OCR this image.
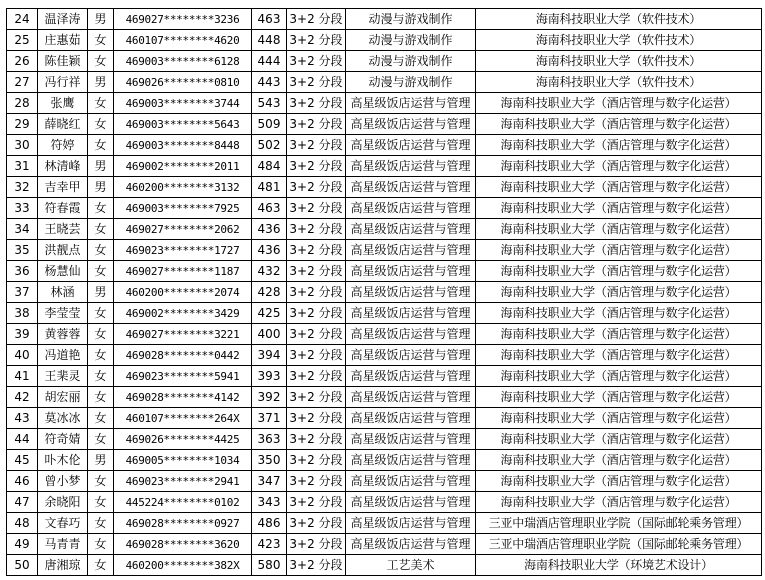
24	温泽涛	男	469027********3236	463	3+2 分段	动漫与游戏制作	海南科技职业大学（软件技术）
25	庄惠茹	女	460107********4620	448	3+2 分段	动漫与游戏制作	海南科技职业大学（软件技术）
26	陈佳颖	女	469003********6128	444	3+2 分段	动漫与游戏制作	海南科技职业大学（软件技术）
27	冯行祥	男	469026********0810	443	3+2 分段	动漫与游戏制作	海南科技职业大学（软件技术）
28	张鹰	女	469003********3744	543	3+2 分段	高星级饭店运营与管理	海南科技职业大学（酒店管理与数字化运营）
29	薛晓红	女	469003********5643	509	3+2 分段	高星级饭店运营与管理	海南科技职业大学（酒店管理与数字化运营）
30	符婷	女	469003********8448	502	3+2 分段	高星级饭店运营与管理	海南科技职业大学（酒店管理与数字化运营）
31	林清峰	男	469002********2011	484	3+2 分段	高星级饭店运营与管理	海南科技职业大学（酒店管理与数字化运营）
32	吉幸甲	男	460200********3132	481	3+2 分段	高星级饭店运营与管理	海南科技职业大学（酒店管理与数字化运营）
33	符春霞	女	469003********7925	463	3+2 分段	高星级饭店运营与管理	海南科技职业大学（酒店管理与数字化运营）
34	王晓芸	女	469027********2062	436	3+2 分段	高星级饭店运营与管理	海南科技职业大学（酒店管理与数字化运营）
35	洪靓点	女	469023********1727	436	3+2 分段	高星级饭店运营与管理	海南科技职业大学（酒店管理与数字化运营）
36	杨慧仙	女	469027********1187	432	3+2 分段	高星级饭店运营与管理	海南科技职业大学（酒店管理与数字化运营）
37	林涵	男	460200********2074	428	3+2 分段	高星级饭店运营与管理	海南科技职业大学（酒店管理与数字化运营）
38	李莹莹	女	469002********3429	425	3+2 分段	高星级饭店运营与管理	海南科技职业大学（酒店管理与数字化运营）
39	黄蓉蓉	女	469027********3221	400	3+2 分段	高星级饭店运营与管理	海南科技职业大学（酒店管理与数字化运营）
40	冯道艳	女	469028********0442	394	3+2 分段	高星级饭店运营与管理	海南科技职业大学（酒店管理与数字化运营）
41	王棐灵	女	469023********5941	393	3+2 分段	高星级饭店运营与管理	海南科技职业大学（酒店管理与数字化运营）
42	胡宏丽	女	469028********4142	392	3+2 分段	高星级饭店运营与管理	海南科技职业大学（酒店管理与数字化运营）
43	莫冰冰	女	460107********264X	371	3+2 分段	高星级饭店运营与管理	海南科技职业大学（酒店管理与数字化运营）
44	符奇婧	女	469026********4425	363	3+2 分段	高星级饭店运营与管理	海南科技职业大学（酒店管理与数字化运营）
45	卟木伦	男	469005********1034	350	3+2 分段	高星级饭店运营与管理	海南科技职业大学（酒店管理与数字化运营）
46	曾小梦	女	469023********2941	347	3+2 分段	高星级饭店运营与管理	海南科技职业大学（酒店管理与数字化运营）
47	余晓阳	女	445224********0102	343	3+2 分段	高星级饭店运营与管理	海南科技职业大学（酒店管理与数字化运营）
48	文春巧	女	469028********0927	486	3+2 分段	高星级饭店运营与管理	三亚中瑞酒店管理职业学院（国际邮轮乘务管理）
49	马青青	女	469028********3620	423	3+2 分段	高星级饭店运营与管理	三亚中瑞酒店管理职业学院（国际邮轮乘务管理）
50	唐湘琼	女	460200********382X	580	3+2 分段	工艺美术	海南科技职业大学（环境艺术设计）
